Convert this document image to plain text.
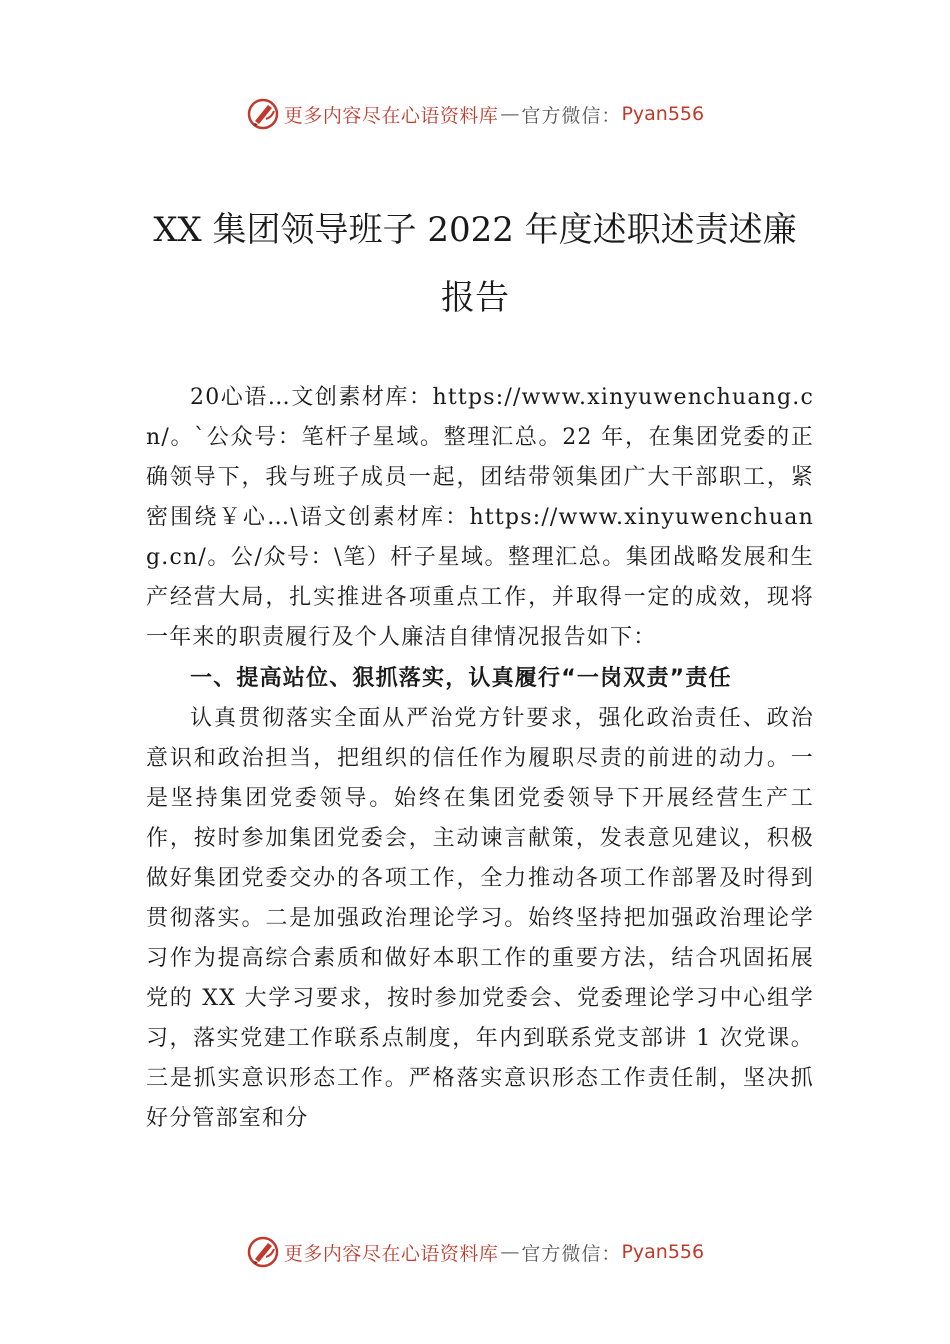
更多内容尽在心语资料库 — 官方微信： Pyan556
XX 集团领导班子 2022 年度述职述责述廉
报告

20心语…文创素材库：https://www.xinyuwenchuang.cn/。`公众号：笔杆子星域。整理汇总。22 年，在集团党委的正确领导下，我与班子成员一起，团结带领集团广大干部职工，紧密围绕￥心…\语文创素材库：https://www.xinyuwenchuang.cn/。公/众号：\笔）杆子星域。整理汇总。集团战略发展和生产经营大局，扎实推进各项重点工作，并取得一定的成效，现将一年来的职责履行及个人廉洁自律情况报告如下：

一、提高站位、狠抓落实，认真履行“一岗双责”责任

认真贯彻落实全面从严治党方针要求，强化政治责任、政治意识和政治担当，把组织的信任作为履职尽责的前进的动力。一是坚持集团党委领导。始终在集团党委领导下开展经营生产工作，按时参加集团党委会，主动谏言献策，发表意见建议，积极做好集团党委交办的各项工作，全力推动各项工作部署及时得到贯彻落实。二是加强政治理论学习。始终坚持把加强政治理论学习作为提高综合素质和做好本职工作的重要方法，结合巩固拓展党的 XX 大学习要求，按时参加党委会、党委理论学习中心组学习，落实党建工作联系点制度，年内到联系党支部讲 1 次党课。三是抓实意识形态工作。严格落实意识形态工作责任制，坚决抓好分管部室和分

更多内容尽在心语资料库 — 官方微信： Pyan556
